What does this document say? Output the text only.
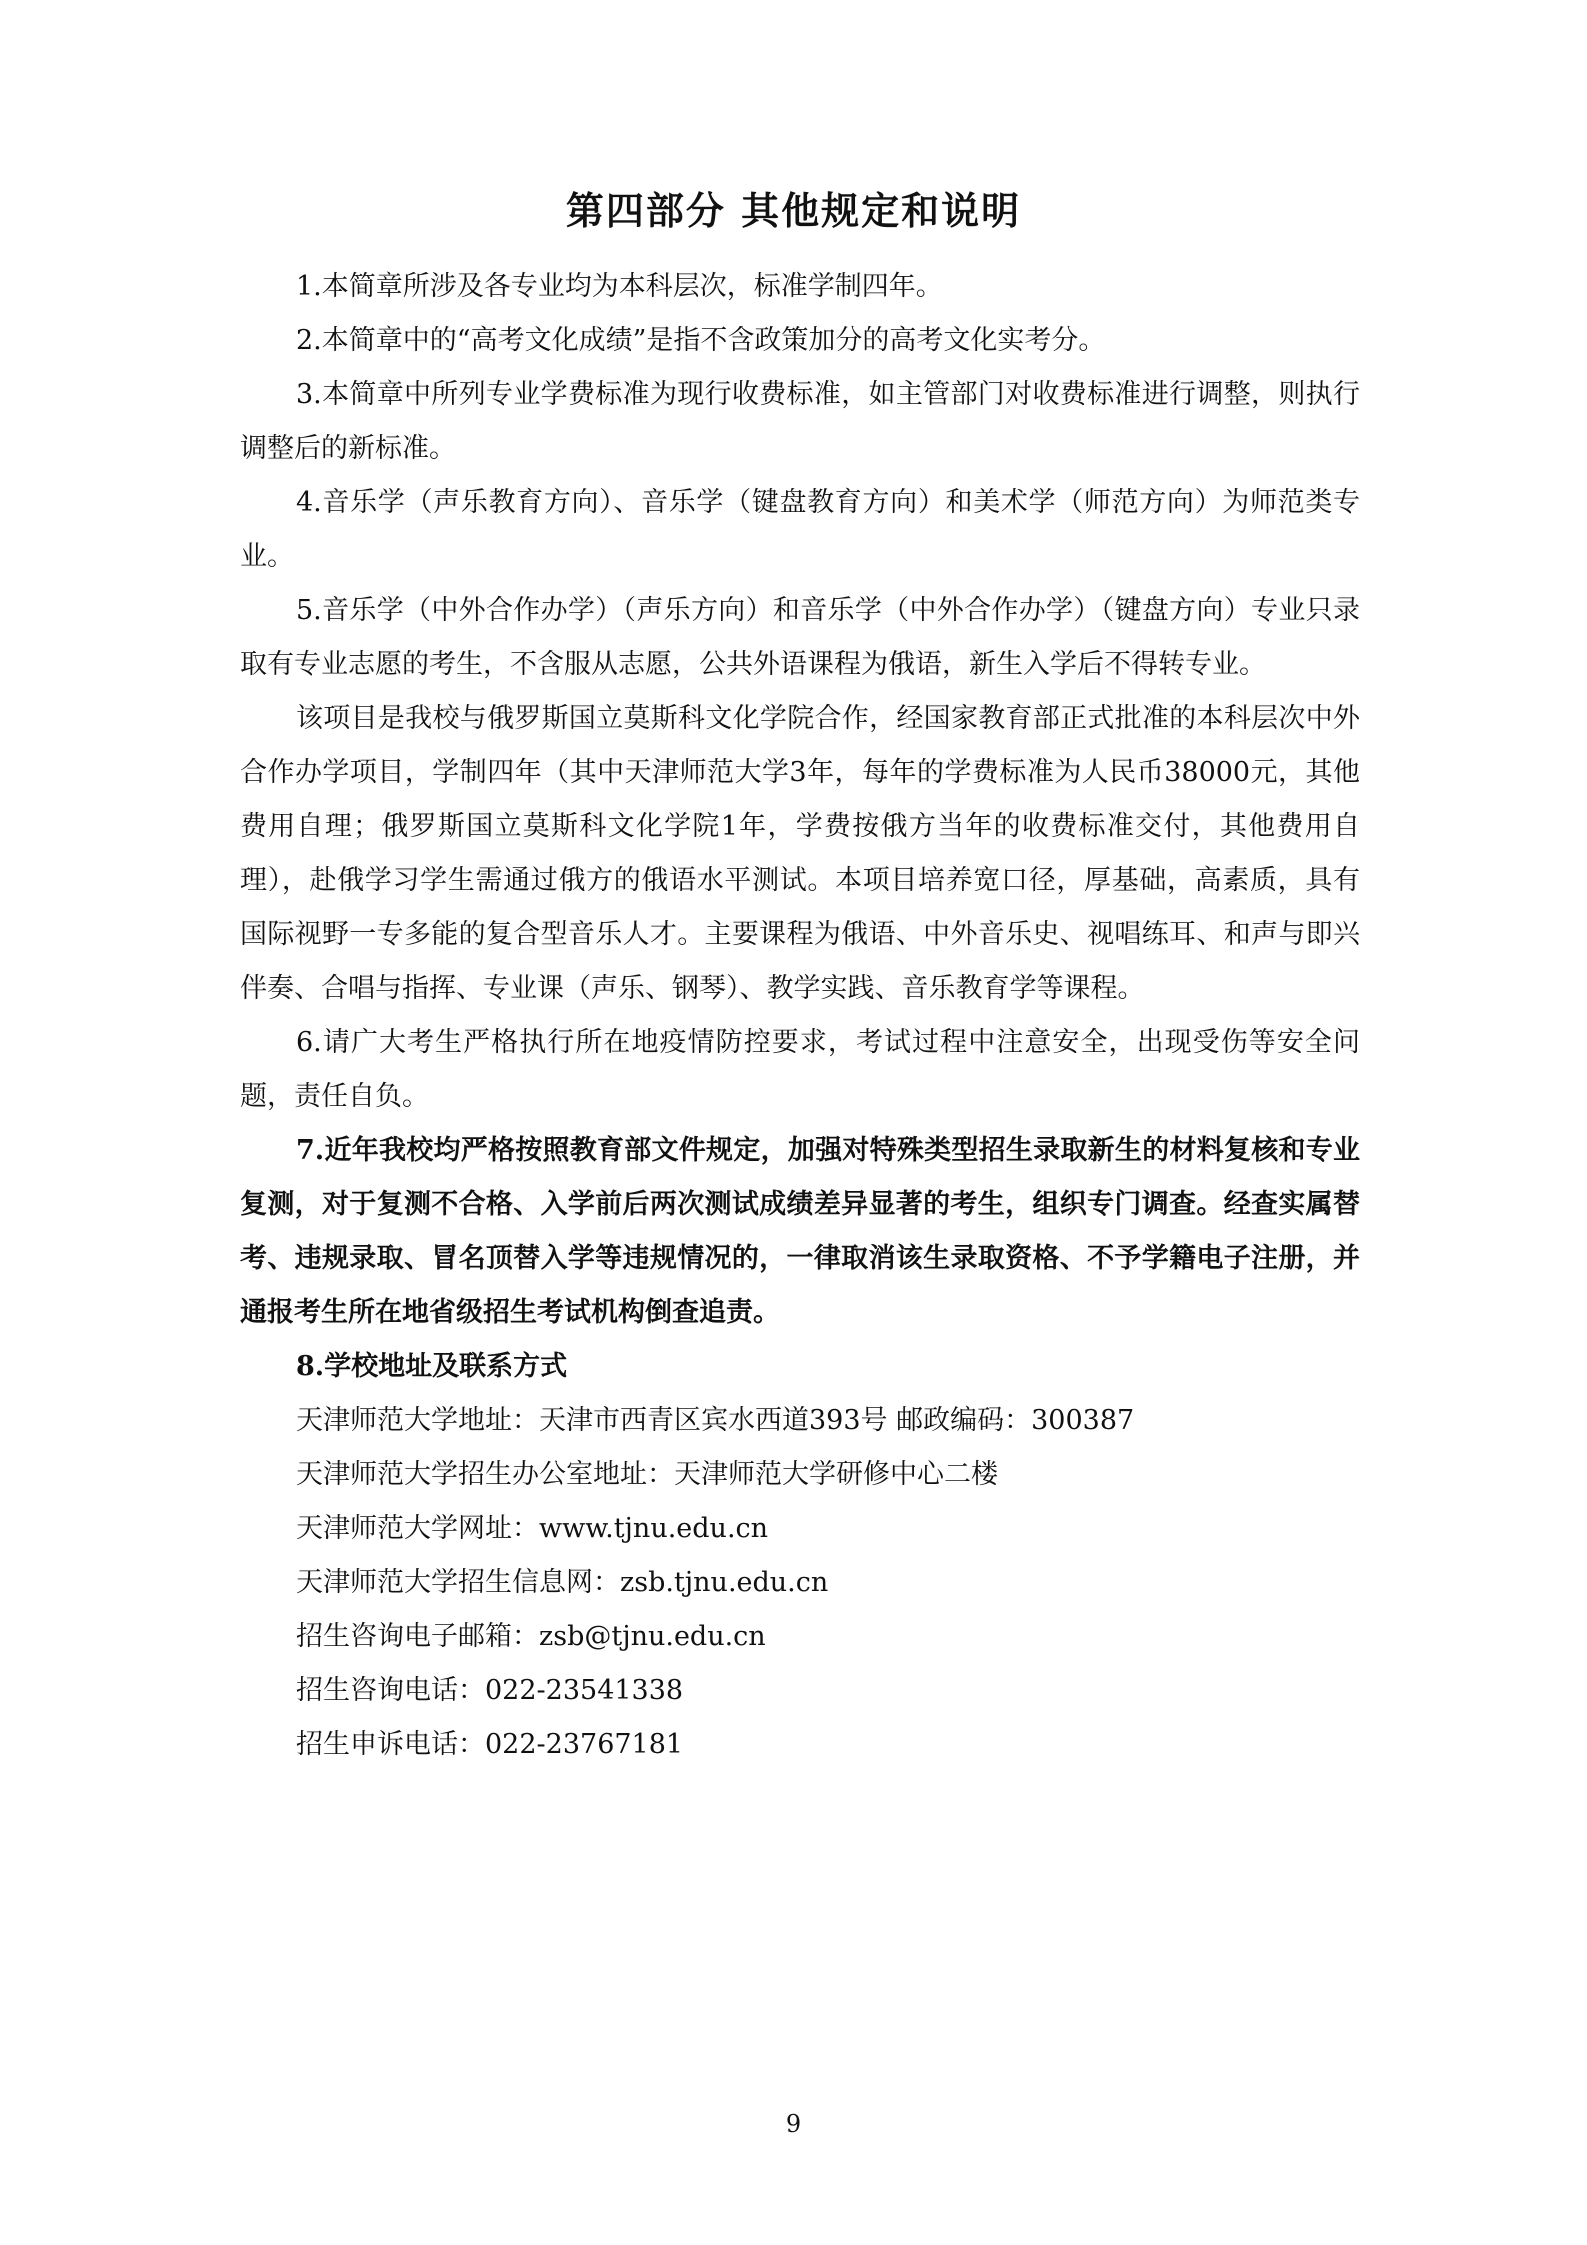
第四部分 其他规定和说明

1.本简章所涉及各专业均为本科层次，标准学制四年。

2.本简章中的“高考文化成绩”是指不含政策加分的高考文化实考分。

3.本简章中所列专业学费标准为现行收费标准，如主管部门对收费标准进行调整，则执行调整后的新标准。

4.音乐学（声乐教育方向）、音乐学（键盘教育方向）和美术学（师范方向）为师范类专业。

5.音乐学（中外合作办学）（声乐方向）和音乐学（中外合作办学）（键盘方向）专业只录取有专业志愿的考生，不含服从志愿，公共外语课程为俄语，新生入学后不得转专业。

该项目是我校与俄罗斯国立莫斯科文化学院合作，经国家教育部正式批准的本科层次中外合作办学项目，学制四年（其中天津师范大学3年，每年的学费标准为人民币38000元，其他费用自理；俄罗斯国立莫斯科文化学院1年，学费按俄方当年的收费标准交付，其他费用自理），赴俄学习学生需通过俄方的俄语水平测试。本项目培养宽口径，厚基础，高素质，具有国际视野一专多能的复合型音乐人才。主要课程为俄语、中外音乐史、视唱练耳、和声与即兴伴奏、合唱与指挥、专业课（声乐、钢琴）、教学实践、音乐教育学等课程。

6.请广大考生严格执行所在地疫情防控要求，考试过程中注意安全，出现受伤等安全问题，责任自负。

7.近年我校均严格按照教育部文件规定，加强对特殊类型招生录取新生的材料复核和专业复测，对于复测不合格、入学前后两次测试成绩差异显著的考生，组织专门调查。经查实属替考、违规录取、冒名顶替入学等违规情况的，一律取消该生录取资格、不予学籍电子注册，并通报考生所在地省级招生考试机构倒查追责。

8.学校地址及联系方式

天津师范大学地址：天津市西青区宾水西道393号 邮政编码：300387

天津师范大学招生办公室地址：天津师范大学研修中心二楼

天津师范大学网址：www.tjnu.edu.cn

天津师范大学招生信息网：zsb.tjnu.edu.cn

招生咨询电子邮箱：zsb@tjnu.edu.cn

招生咨询电话：022-23541338

招生申诉电话：022-23767181

9
